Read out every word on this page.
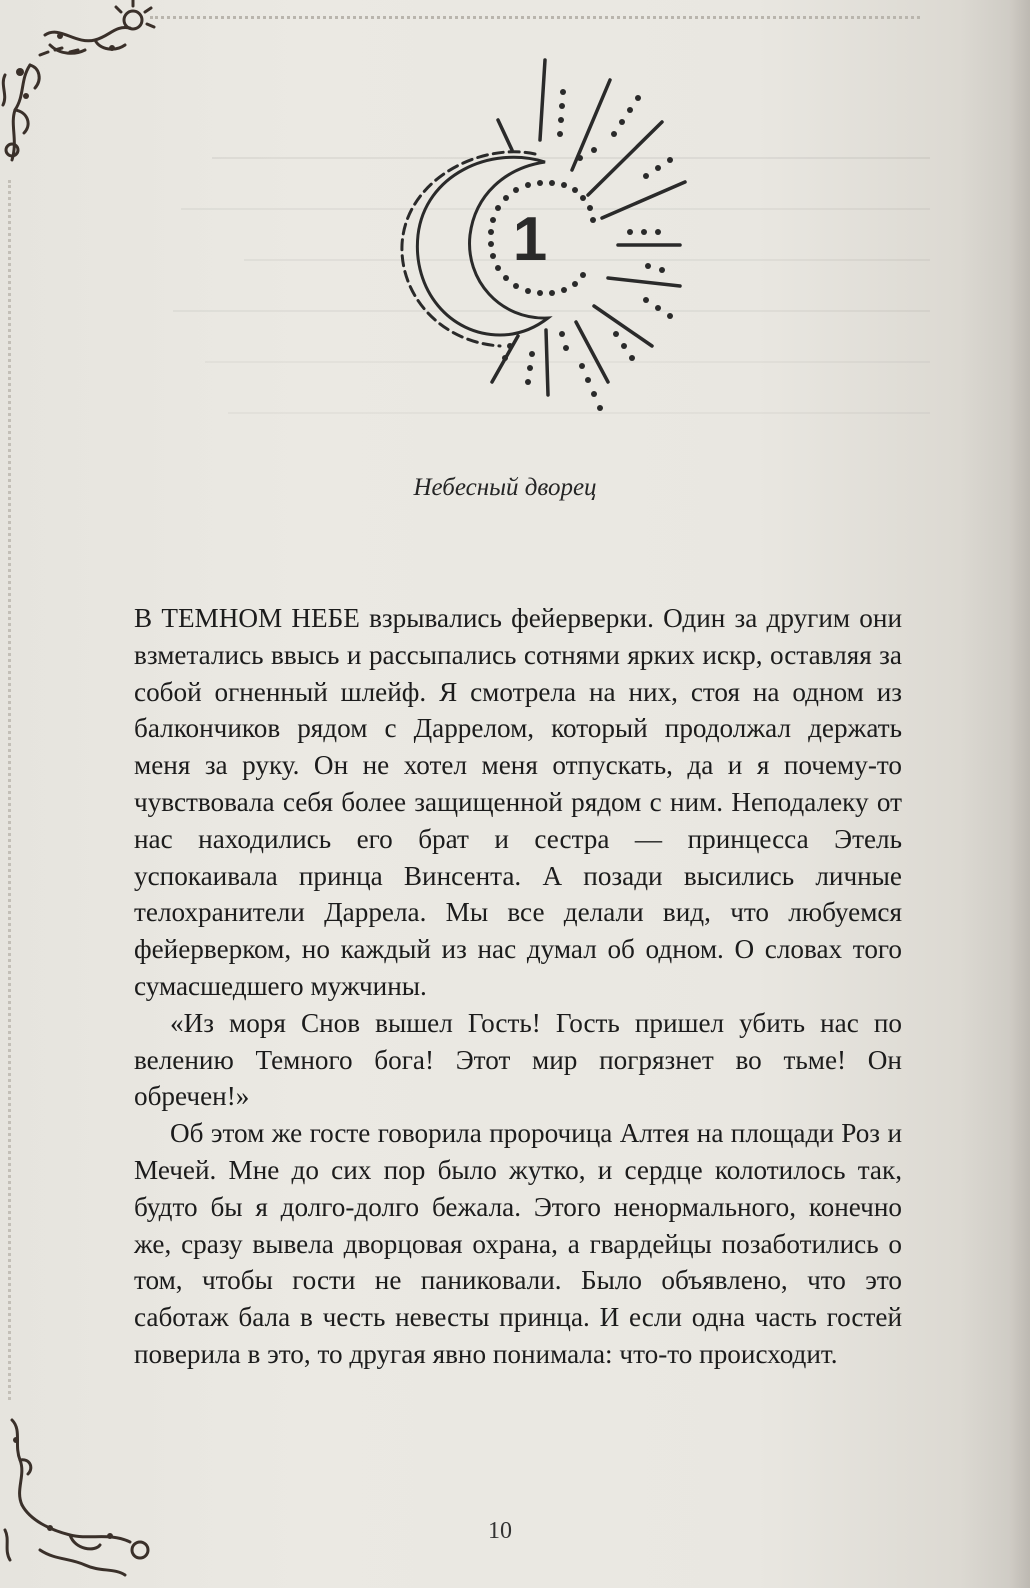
1
Небесный дворец

В ТЕМНОМ НЕБЕ взрывались фейерверки. Один за другим они взметались ввысь и рассыпались сотнями ярких искр, оставляя за собой огненный шлейф. Я смотрела на них, стоя на одном из балкончиков рядом с Даррелом, который продолжал держать меня за руку. Он не хотел меня отпускать, да и я почему-то чувствовала себя более защищенной рядом с ним. Неподалеку от нас находились его брат и сестра — принцесса Этель успокаивала принца Винсента. А позади высились личные телохранители Даррела. Мы все делали вид, что любуемся фейерверком, но каждый из нас думал об одном. О словах того сумасшедшего мужчины.

«Из моря Снов вышел Гость! Гость пришел убить нас по велению Темного бога! Этот мир погрязнет во тьме! Он обречен!»

Об этом же госте говорила пророчица Алтея на площади Роз и Мечей. Мне до сих пор было жутко, и сердце колотилось так, будто бы я долго-долго бежала. Этого ненормального, конечно же, сразу вывела дворцовая охрана, а гвардейцы позаботились о том, чтобы гости не паниковали. Было объявлено, что это саботаж бала в честь невесты принца. И если одна часть гостей поверила в это, то другая явно понимала: что-то происходит.

10
